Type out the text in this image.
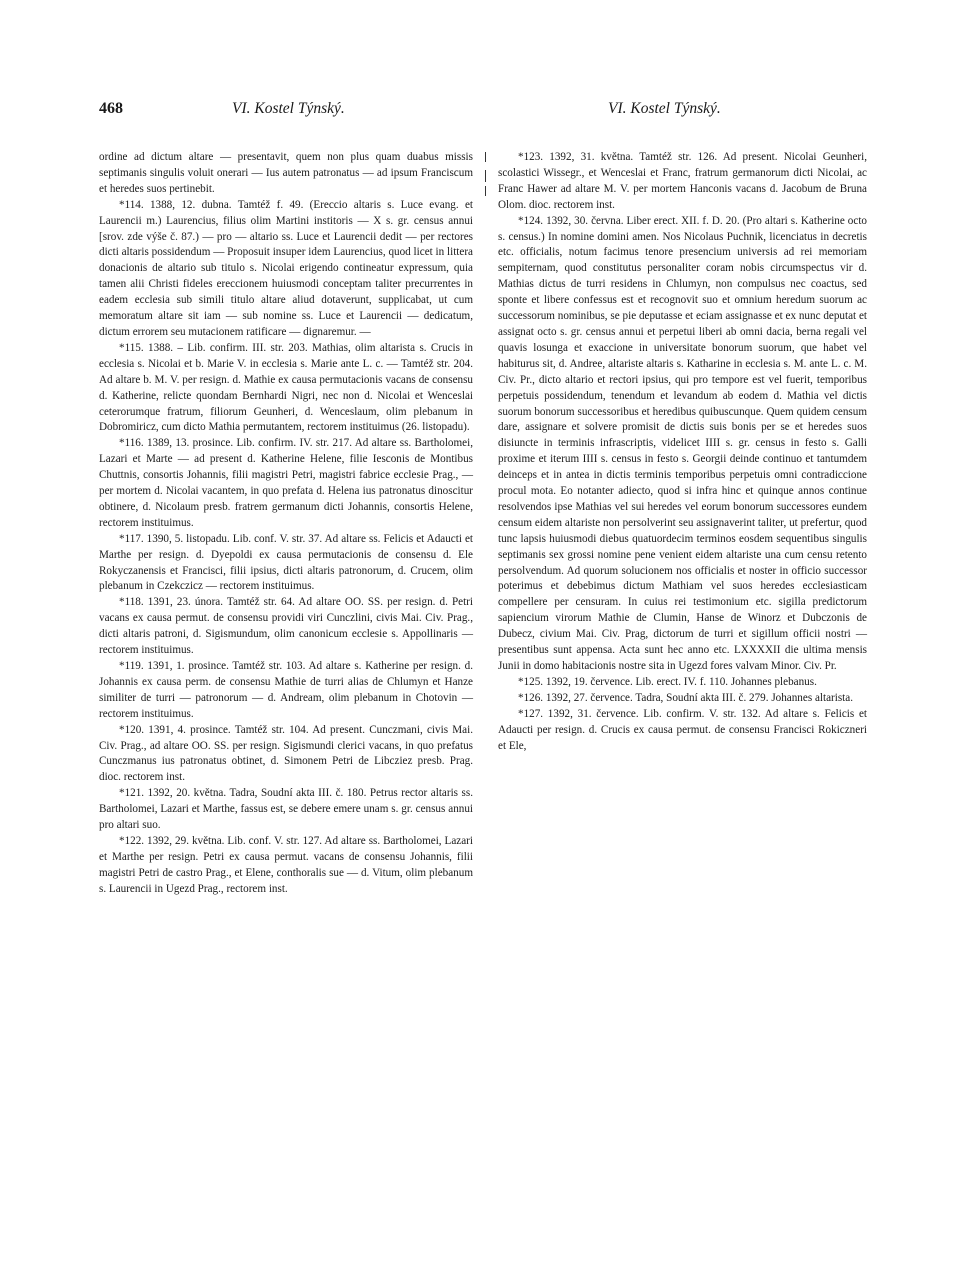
468	VI. Kostel Týnský.	VI. Kostel Týnský.

ordine ad dictum altare — presentavit, quem non plus quam duabus missis septimanis singulis voluit onerari — Ius autem patronatus — ad ipsum Franciscum et heredes suos pertinebit.

*114. 1388, 12. dubna. Tamtéž f. 49. (Ereccio altaris s. Luce evang. et Laurencii m.) Laurencius, filius olim Martini institoris — X s. gr. census annui [srov. zde výše č. 87.) — pro — altario ss. Luce et Laurencii dedit — per rectores dicti altaris possidendum — Proposuit insuper idem Laurencius, quod licet in littera donacionis de altario sub titulo s. Nicolai erigendo contineatur expressum, quia tamen alii Christi fideles ereccionem huiusmodi conceptam taliter precurrentes in eadem ecclesia sub simili titulo altare aliud dotaverunt, supplicabat, ut cum memoratum altare sit iam — sub nomine ss. Luce et Laurencii — dedicatum, dictum errorem seu mutacionem ratificare — dignaremur. —

*115. 1388. – Lib. confirm. III. str. 203. Mathias, olim altarista s. Crucis in ecclesia s. Nicolai et b. Marie V. in ecclesia s. Marie ante L. c. — Tamtéž str. 204. Ad altare b. M. V. per resign. d. Mathie ex causa permutacionis vacans de consensu d. Katherine, relicte quondam Bernhardi Nigri, nec non d. Nicolai et Wenceslai ceterorumque fratrum, filiorum Geunheri, d. Wenceslaum, olim plebanum in Dobromiricz, cum dicto Mathia permutantem, rectorem instituimus (26. listopadu).

*116. 1389, 13. prosince. Lib. confirm. IV. str. 217. Ad altare ss. Bartholomei, Lazari et Marte — ad present d. Katherine Helene, filie Iesconis de Montibus Chuttnis, consortis Johannis, filii magistri Petri, magistri fabrice ecclesie Prag., — per mortem d. Nicolai vacantem, in quo prefata d. Helena ius patronatus dinoscitur obtinere, d. Nicolaum presb. fratrem germanum dicti Johannis, consortis Helene, rectorem instituimus.

*117. 1390, 5. listopadu. Lib. conf. V. str. 37. Ad altare ss. Felicis et Adaucti et Marthe per resign. d. Dyepoldi ex causa permutacionis de consensu d. Ele Rokyczanensis et Francisci, filii ipsius, dicti altaris patronorum, d. Crucem, olim plebanum in Czekczicz — rectorem instituimus.

*118. 1391, 23. února. Tamtéž str. 64. Ad altare OO. SS. per resign. d. Petri vacans ex causa permut. de consensu providi viri Cunczlini, civis Mai. Civ. Prag., dicti altaris patroni, d. Sigismundum, olim canonicum ecclesie s. Appollinaris — rectorem instituimus.

*119. 1391, 1. prosince. Tamtéž str. 103. Ad altare s. Katherine per resign. d. Johannis ex causa perm. de consensu Mathie de turri alias de Chlumyn et Hanze similiter de turri — patronorum — d. Andream, olim plebanum in Chotovin — rectorem instituimus.

*120. 1391, 4. prosince. Tamtéž str. 104. Ad present. Cunczmani, civis Mai. Civ. Prag., ad altare OO. SS. per resign. Sigismundi clerici vacans, in quo prefatus Cunczmanus ius patronatus obtinet, d. Simonem Petri de Libcziez presb. Prag. dioc. rectorem inst.

*121. 1392, 20. května. Tadra, Soudní akta III. č. 180. Petrus rector altaris ss. Bartholomei, Lazari et Marthe, fassus est, se debere emere unam s. gr. census annui pro altari suo.

*122. 1392, 29. května. Lib. conf. V. str. 127. Ad altare ss. Bartholomei, Lazari et Marthe per resign. Petri ex causa permut. vacans de consensu Johannis, filii magistri Petri de castro Prag., et Elene, conthoralis sue — d. Vitum, olim plebanum s. Laurencii in Ugezd Prag., rectorem inst.

*123. 1392, 31. května. Tamtéž str. 126. Ad present. Nicolai Geunheri, scolastici Wissegr., et Wenceslai et Franc, fratrum germanorum dicti Nicolai, ac Franc Hawer ad altare M. V. per mortem Hanconis vacans d. Jacobum de Bruna Olom. dioc. rectorem inst.

*124. 1392, 30. června. Liber erect. XII. f. D. 20. (Pro altari s. Katherine octo s. census.) In nomine domini amen. Nos Nicolaus Puchnik, licenciatus in decretis etc. officialis, notum facimus tenore presencium universis ad rei memoriam sempiternam, quod constitutus personaliter coram nobis circumspectus vir d. Mathias dictus de turri residens in Chlumyn, non compulsus nec coactus, sed sponte et libere confessus est et recognovit suo et omnium heredum suorum ac successorum nominibus, se pie deputasse et eciam assignasse et ex nunc deputat et assignat octo s. gr. census annui et perpetui liberi ab omni dacia, berna regali vel quavis losunga et exaccione in universitate bonorum suorum, que habet vel habiturus sit, d. Andree, altariste altaris s. Katharine in ecclesia s. M. ante L. c. M. Civ. Pr., dicto altario et rectori ipsius, qui pro tempore est vel fuerit, temporibus perpetuis possidendum, tenendum et levandum ab eodem d. Mathia vel dictis suorum bonorum successoribus et heredibus quibuscunque. Quem quidem censum dare, assignare et solvere promisit de dictis suis bonis per se et heredes suos disiuncte in terminis infrascriptis, videlicet IIII s. gr. census in festo s. Galli proxime et iterum IIII s. census in festo s. Georgii deinde continuo et tantumdem deinceps et in antea in dictis terminis temporibus perpetuis omni contradiccione procul mota. Eo notanter adiecto, quod si infra hinc et quinque annos continue resolvendos ipse Mathias vel sui heredes vel eorum bonorum successores eundem censum eidem altariste non persolverint seu assignaverint taliter, ut prefertur, quod tunc lapsis huiusmodi diebus quatuordecim terminos eosdem sequentibus singulis septimanis sex grossi nomine pene venient eidem altariste una cum censu retento persolvendum. Ad quorum solucionem nos officialis et noster in officio successor poterimus et debebimus dictum Mathiam vel suos heredes ecclesiasticam compellere per censuram. In cuius rei testimonium etc. sigilla predictorum sapiencium virorum Mathie de Clumin, Hanse de Winorz et Dubczonis de Dubecz, civium Mai. Civ. Prag, dictorum de turri et sigillum officii nostri — presentibus sunt appensa. Acta sunt hec anno etc. LXXXXII die ultima mensis Junii in domo habitacionis nostre sita in Ugezd fores valvam Minor. Civ. Pr.

*125. 1392, 19. července. Lib. erect. IV. f. 110. Johannes plebanus.

*126. 1392, 27. července. Tadra, Soudní akta III. č. 279. Johannes altarista.

*127. 1392, 31. července. Lib. confirm. V. str. 132. Ad altare s. Felicis et Adaucti per resign. d. Crucis ex causa permut. de consensu Francisci Rokiczneri et Ele,
